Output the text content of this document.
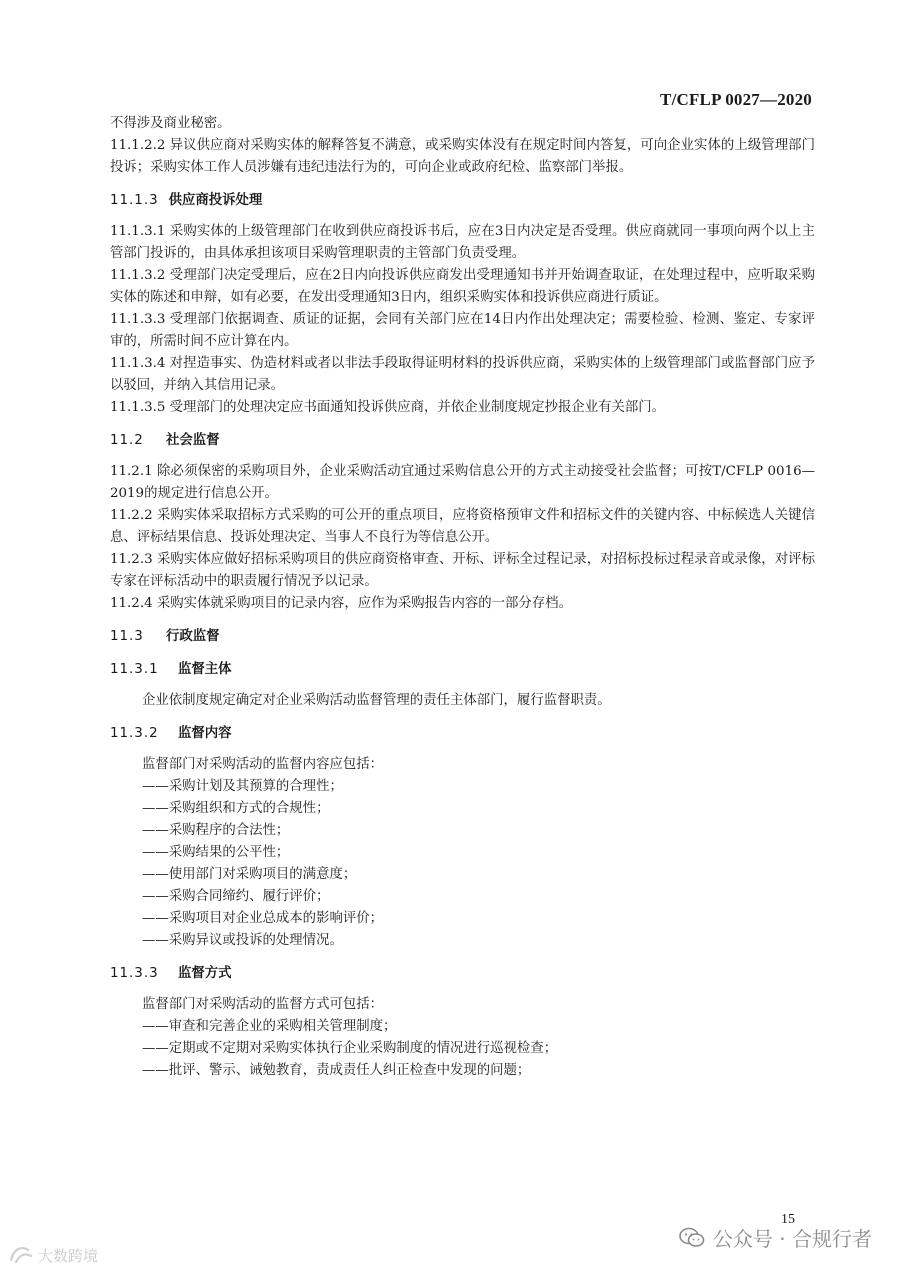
T/CFLP 0027—2020

不得涉及商业秘密。

11.1.2.2 异议供应商对采购实体的解释答复不满意，或采购实体没有在规定时间内答复，可向企业实体的上级管理部门投诉；采购实体工作人员涉嫌有违纪违法行为的，可向企业或政府纪检、监察部门举报。

11.1.3 供应商投诉处理

11.1.3.1 采购实体的上级管理部门在收到供应商投诉书后，应在3日内决定是否受理。供应商就同一事项向两个以上主管部门投诉的，由具体承担该项目采购管理职责的主管部门负责受理。

11.1.3.2 受理部门决定受理后，应在2日内向投诉供应商发出受理通知书并开始调查取证，在处理过程中，应听取采购实体的陈述和申辩，如有必要，在发出受理通知3日内，组织采购实体和投诉供应商进行质证。

11.1.3.3 受理部门依据调查、质证的证据，会同有关部门应在14日内作出处理决定；需要检验、检测、鉴定、专家评审的，所需时间不应计算在内。

11.1.3.4 对捏造事实、伪造材料或者以非法手段取得证明材料的投诉供应商，采购实体的上级管理部门或监督部门应予以驳回，并纳入其信用记录。

11.1.3.5 受理部门的处理决定应书面通知投诉供应商，并依企业制度规定抄报企业有关部门。

11.2 社会监督

11.2.1 除必须保密的采购项目外，企业采购活动宜通过采购信息公开的方式主动接受社会监督；可按T/CFLP 0016—2019的规定进行信息公开。

11.2.2 采购实体采取招标方式采购的可公开的重点项目，应将资格预审文件和招标文件的关键内容、中标候选人关键信息、评标结果信息、投诉处理决定、当事人不良行为等信息公开。

11.2.3 采购实体应做好招标采购项目的供应商资格审查、开标、评标全过程记录，对招标投标过程录音或录像，对评标专家在评标活动中的职责履行情况予以记录。

11.2.4 采购实体就采购项目的记录内容，应作为采购报告内容的一部分存档。

11.3 行政监督
11.3.1 监督主体

企业依制度规定确定对企业采购活动监督管理的责任主体部门，履行监督职责。

11.3.2 监督内容

监督部门对采购活动的监督内容应包括：

——采购计划及其预算的合理性；

——采购组织和方式的合规性；

——采购程序的合法性；

——采购结果的公平性；

——使用部门对采购项目的满意度；

——采购合同缔约、履行评价；

——采购项目对企业总成本的影响评价；

——采购异议或投诉的处理情况。

11.3.3 监督方式

监督部门对采购活动的监督方式可包括：

——审查和完善企业的采购相关管理制度；

——定期或不定期对采购实体执行企业采购制度的情况进行巡视检查；

——批评、警示、诫勉教育，责成责任人纠正检查中发现的问题；

15
公众号 · 合规行者
大数跨境
